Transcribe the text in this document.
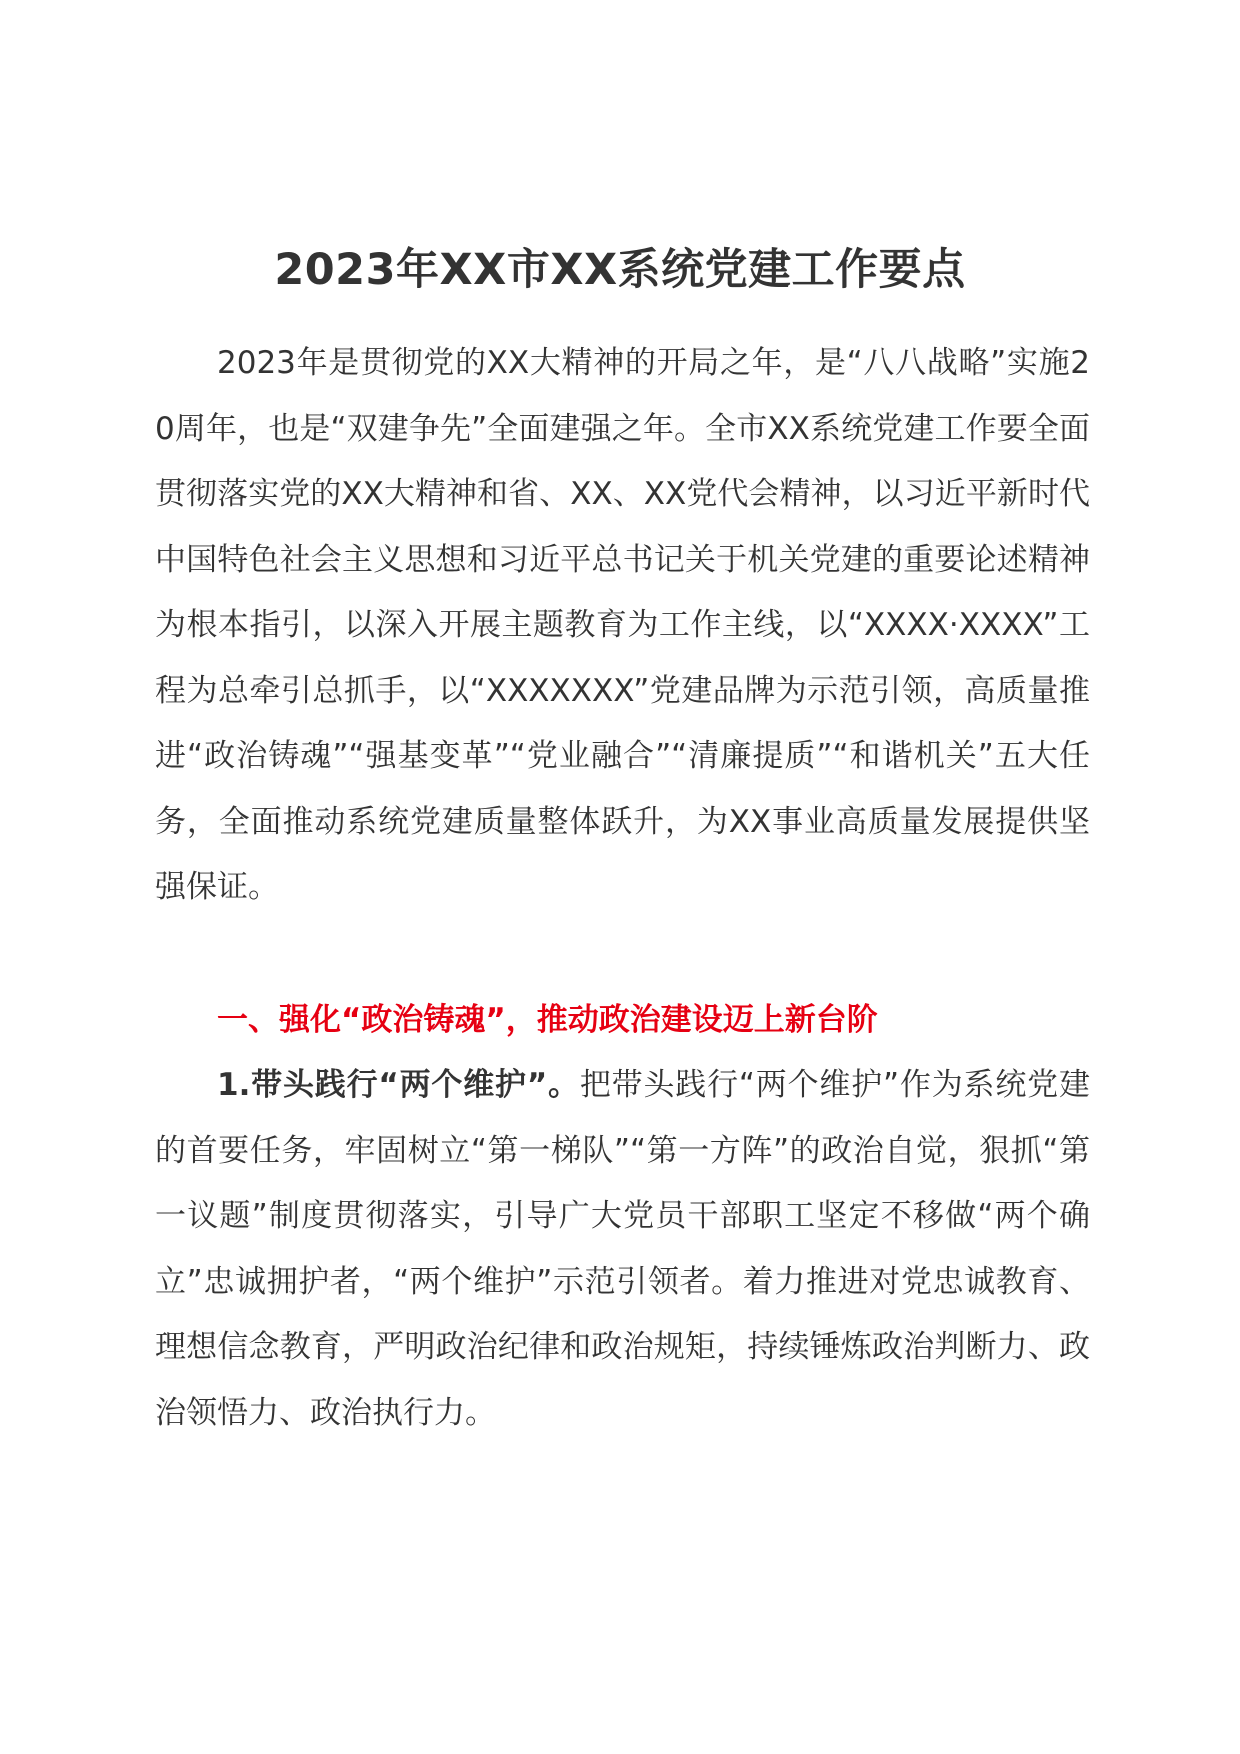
2023年XX市XX系统党建工作要点

2023年是贯彻党的XX大精神的开局之年，是“八八战略”实施20周年，也是“双建争先”全面建强之年。全市XX系统党建工作要全面贯彻落实党的XX大精神和省、XX、XX党代会精神，以习近平新时代中国特色社会主义思想和习近平总书记关于机关党建的重要论述精神为根本指引，以深入开展主题教育为工作主线，以“XXXX·XXXX”工程为总牵引总抓手，以“XXXXXXX”党建品牌为示范引领，高质量推进“政治铸魂”“强基变革”“党业融合”“清廉提质”“和谐机关”五大任务，全面推动系统党建质量整体跃升，为XX事业高质量发展提供坚强保证。

一、强化“政治铸魂”，推动政治建设迈上新台阶

1.带头践行“两个维护”。把带头践行“两个维护”作为系统党建的首要任务，牢固树立“第一梯队”“第一方阵”的政治自觉，狠抓“第一议题”制度贯彻落实，引导广大党员干部职工坚定不移做“两个确立”忠诚拥护者，“两个维护”示范引领者。着力推进对党忠诚教育、理想信念教育，严明政治纪律和政治规矩，持续锤炼政治判断力、政治领悟力、政治执行力。
